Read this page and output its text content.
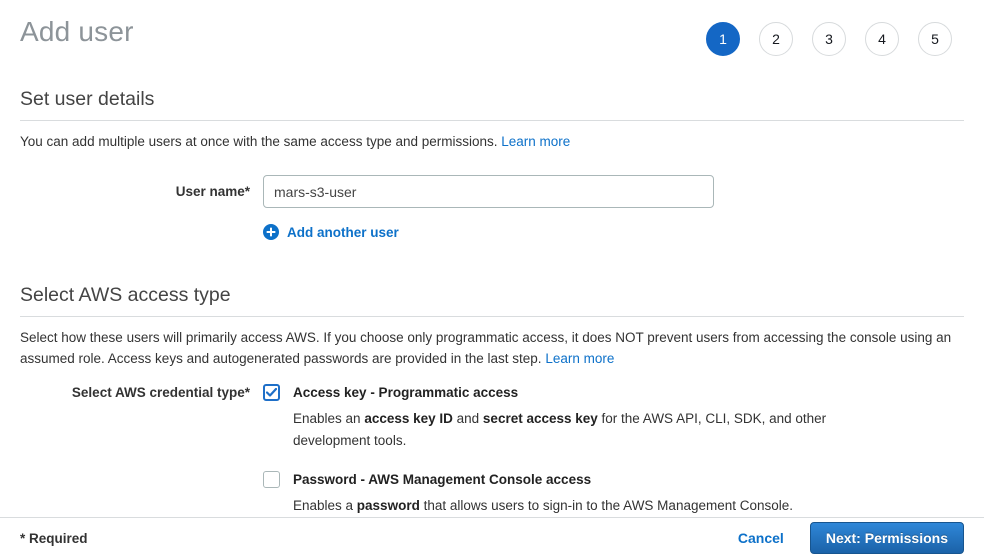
Add user	1	2	3	4	5
Set user details

You can add multiple users at once with the same access type and permissions. Learn more

User name*
mars-s3-user
Add another user
Select AWS access type

Select how these users will primarily access AWS. If you choose only programmatic access, it does NOT prevent users from accessing the console using an assumed role. Access keys and autogenerated passwords are provided in the last step. Learn more

Select AWS credential type*	Access key - Programmatic access
Enables an access key ID and secret access key for the AWS API, CLI, SDK, and other development tools.
Password - AWS Management Console access
Enables a password that allows users to sign-in to the AWS Management Console.
* Required	Cancel	Next: Permissions
